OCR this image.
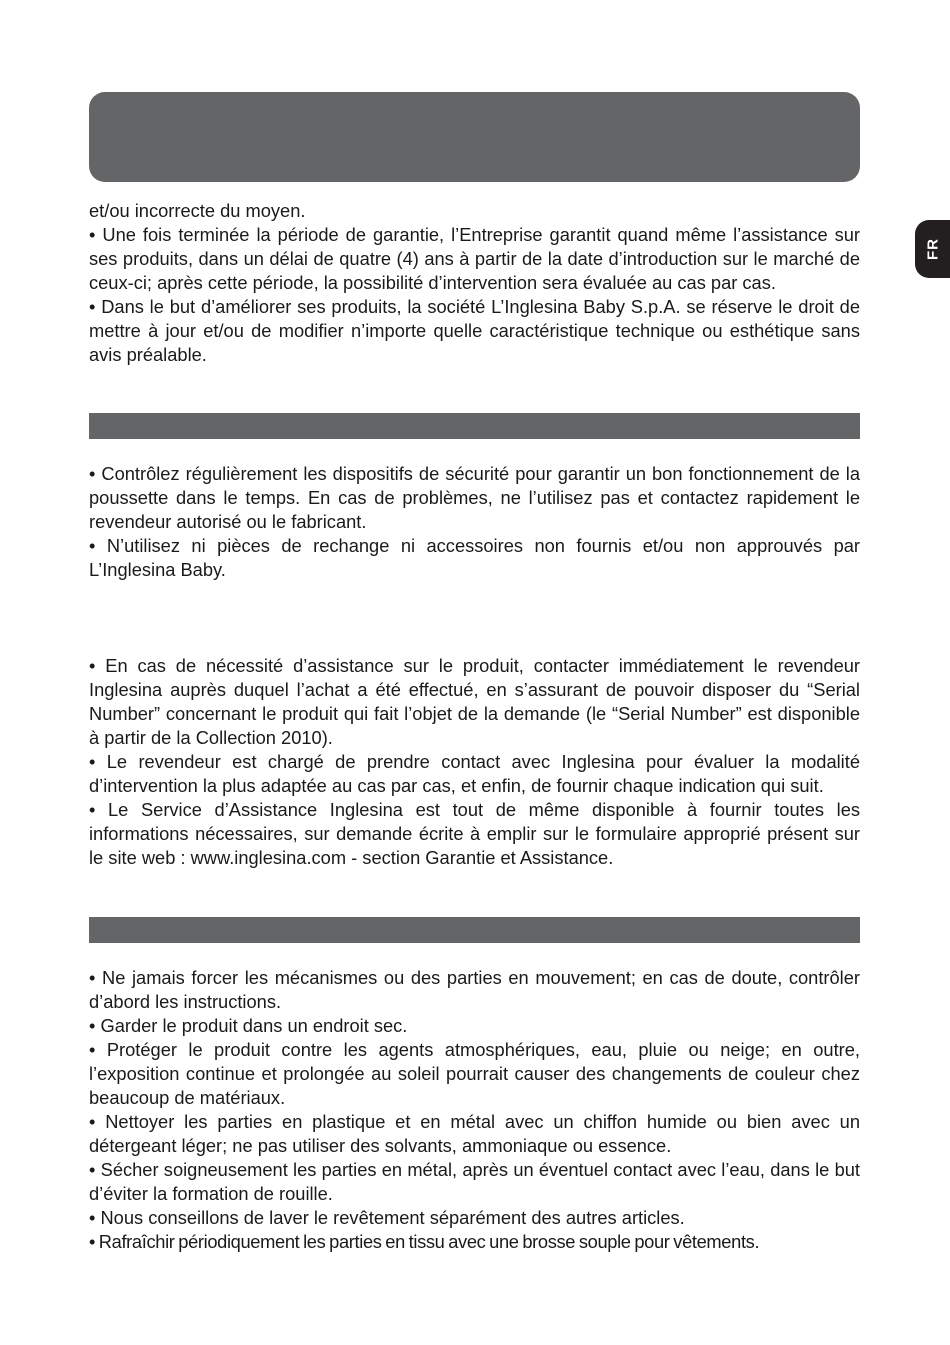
FR

et/ou incorrecte du moyen.

• Une fois terminée la période de garantie, l’Entreprise garantit quand même l’assistance sur ses produits, dans un délai de quatre (4) ans à partir de la date d’introduction sur le marché de ceux-ci; après cette période, la possibilité d’intervention sera évaluée au cas par cas.

• Dans le but d’améliorer ses produits, la société L’Inglesina Baby S.p.A. se réserve le droit de mettre à jour et/ou de modifier n’importe quelle caractéristique technique ou esthétique sans avis préalable.

• Contrôlez régulièrement les dispositifs de sécurité pour garantir un bon fonctionnement de la poussette dans le temps. En cas de problèmes, ne l’utilisez pas et contactez rapidement le revendeur autorisé ou le fabricant.

• N’utilisez ni pièces de rechange ni accessoires non fournis et/ou non approuvés par L’Inglesina Baby.

• En cas de nécessité d’assistance sur le produit, contacter immédiatement le revendeur Inglesina auprès duquel l’achat a été effectué, en s’assurant de pouvoir disposer du “Serial Number” concernant le produit qui fait l’objet de la demande (le “Serial Number” est disponible à partir de la Collection 2010).

• Le revendeur est chargé de prendre contact avec Inglesina pour évaluer la modalité d’intervention la plus adaptée au cas par cas, et enfin, de fournir chaque indication qui suit.

• Le Service d’Assistance Inglesina est tout de même disponible à fournir toutes les informations nécessaires, sur demande écrite à emplir sur le formulaire approprié présent sur le site web : www.inglesina.com - section Garantie et Assistance.

• Ne jamais forcer les mécanismes ou des parties en mouvement; en cas de doute, contrôler d’abord les instructions.

• Garder le produit dans un endroit sec.

• Protéger le produit contre les agents atmosphériques, eau, pluie ou neige; en outre, l’exposition continue et prolongée au soleil pourrait causer des changements de couleur chez beaucoup de matériaux.

• Nettoyer les parties en plastique et en métal avec un chiffon humide ou bien avec un détergeant léger; ne pas utiliser des solvants, ammoniaque ou essence.

• Sécher soigneusement les parties en métal, après un éventuel contact avec l’eau, dans le but d’éviter la formation de rouille.

• Nous conseillons de laver le revêtement séparément des autres articles.

• Rafraîchir périodiquement les parties en tissu avec une brosse souple pour vêtements.
